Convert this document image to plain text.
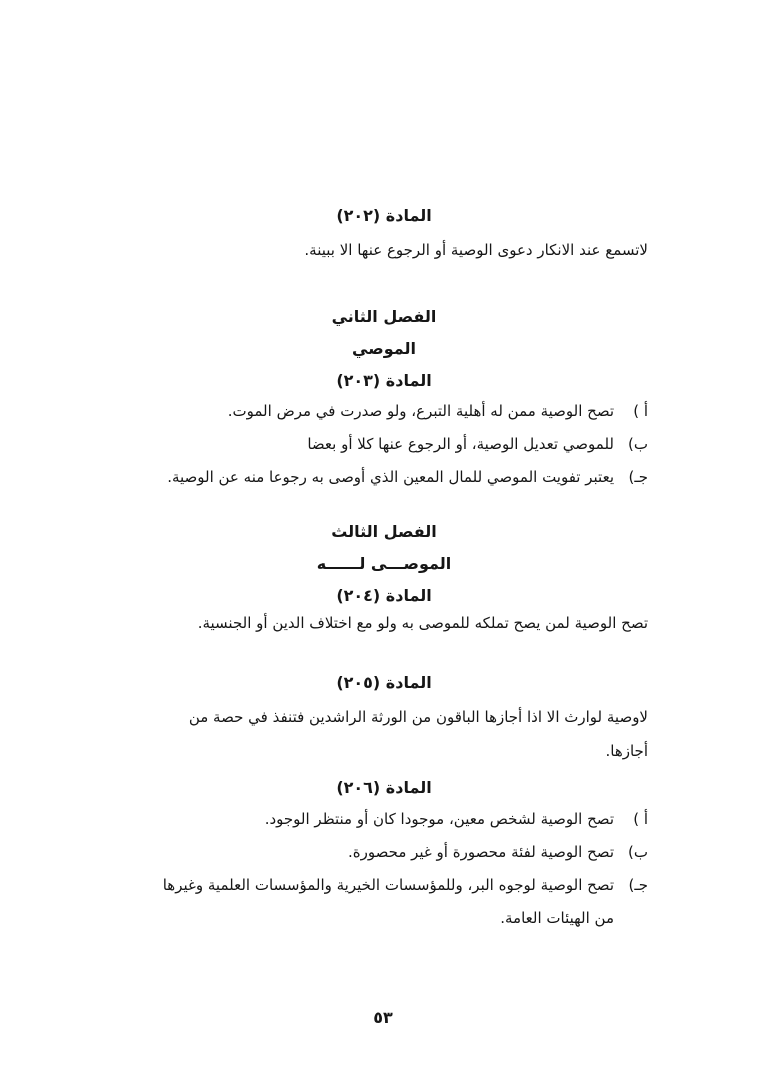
المادة (٢٠٢)
لاتسمع عند الانكار دعوى الوصية أو الرجوع عنها الا ببينة.
الفصل الثاني
الموصي
المادة (٢٠٣)
أ )
تصح الوصية ممن له أهلية التبرع، ولو صدرت في مرض الموت.
ب)
للموصي تعديل الوصية، أو الرجوع عنها كلا أو بعضا
جـ)
يعتبر تفويت الموصي للمال المعين الذي أوصى به رجوعا منه عن الوصية.
الفصل الثالث
الموصـــى لــــــه
المادة (٢٠٤)
تصح الوصية لمن يصح تملكه للموصى به ولو مع اختلاف الدين أو الجنسية.
المادة (٢٠٥)
لاوصية لوارث الا اذا أجازها الباقون من الورثة الراشدين فتنفذ في حصة من
أجازها.
المادة (٢٠٦)
أ )
تصح الوصية لشخص معين، موجودا كان أو منتظر الوجود.
ب)
تصح الوصية لفئة محصورة أو غير محصورة.
جـ)
تصح الوصية لوجوه البر، وللمؤسسات الخيرية والمؤسسات العلمية وغيرها
من الهيئات العامة.
٥٣
